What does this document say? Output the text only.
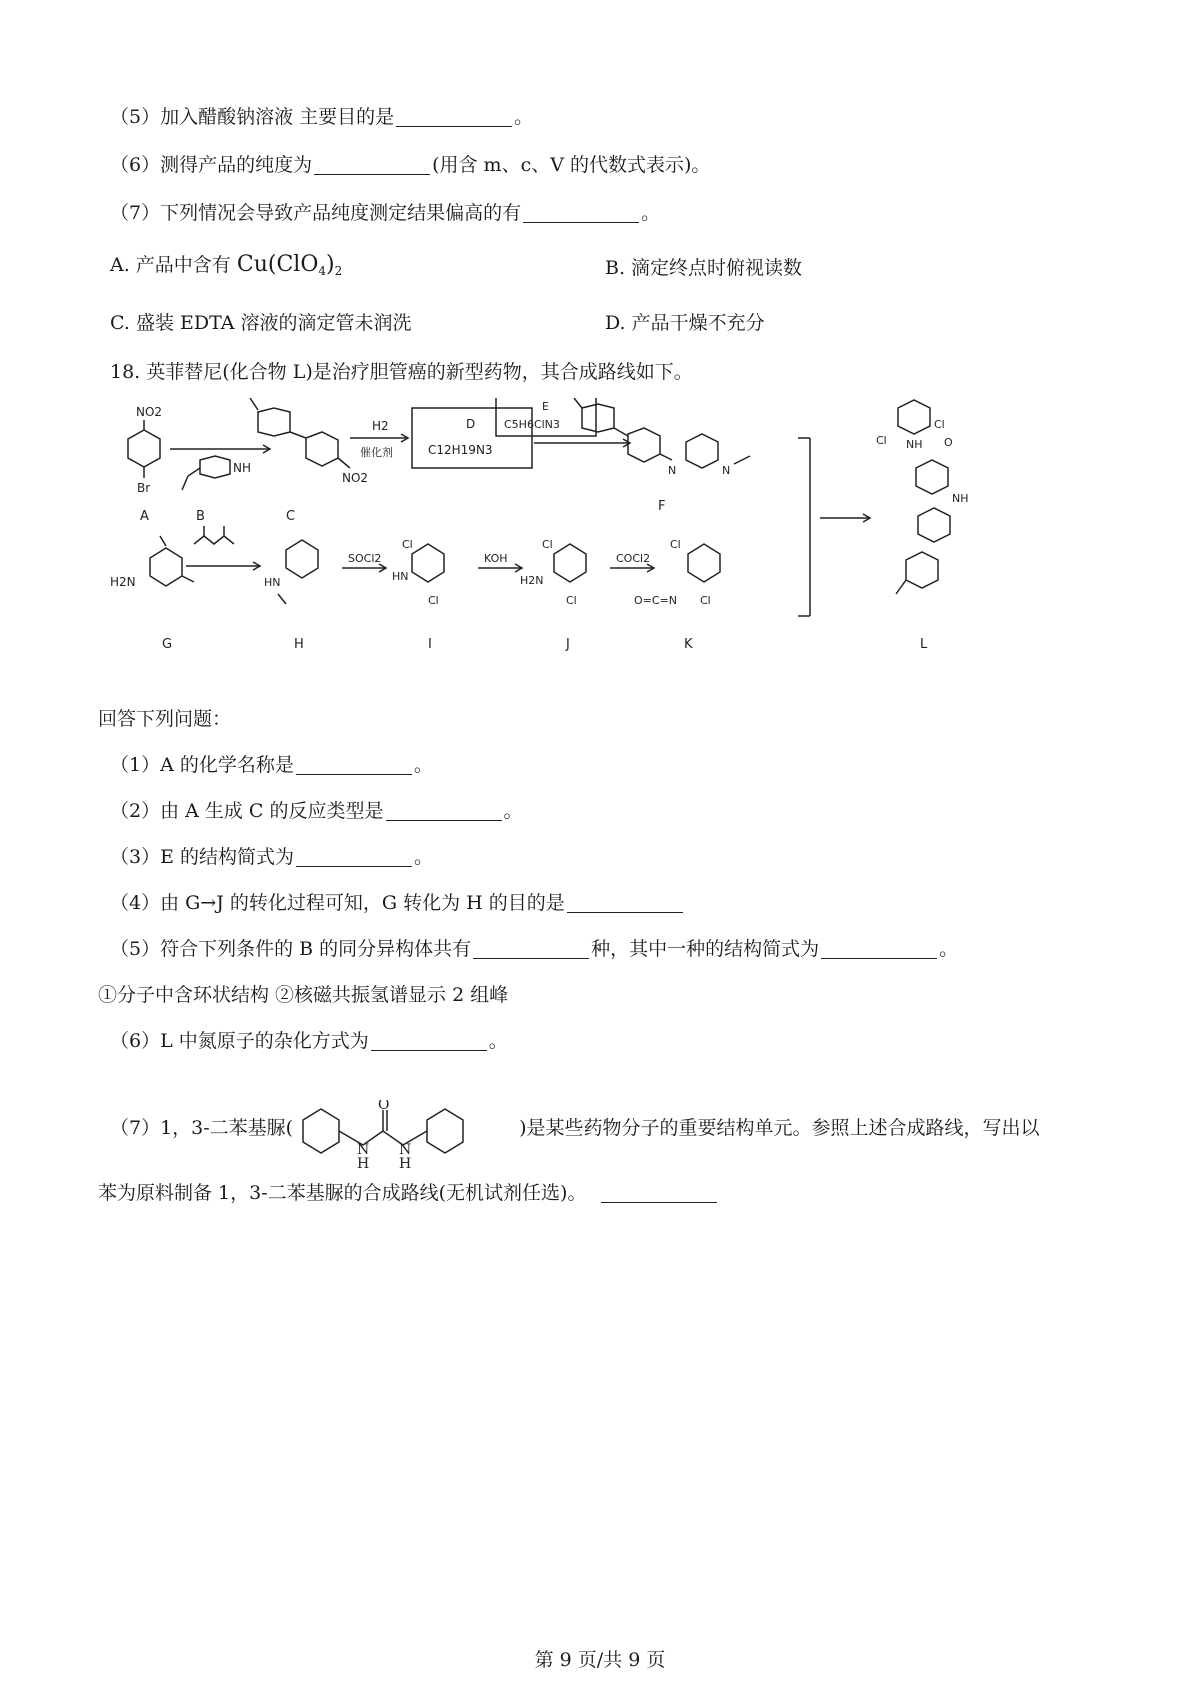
（5）加入醋酸钠溶液 主要目的是	。
（6）测得产品的纯度为	(用含 m、c、V 的代数式表示)。
（7）下列情况会导致产品纯度测定结果偏高的有	。
A. 产品中含有 $Cu(ClO_4)_2$	B. 滴定终点时俯视读数
C. 盛装 EDTA 溶液的滴定管未润洗	D. 产品干燥不充分
18. 英菲替尼(化合物 L)是治疗胆管癌的新型药物，其合成路线如下。
NO2
Br
A
NH
B
NO2
C
H2
催化剂
D
C12H19N3
E
C5H6ClN3
N	N
F
Cl
Cl NH O
NH
L
H2N
G
HN
H
SOCl2
Cl
HN
Cl
I
KOH
Cl
H2N
Cl
J
COCl2
Cl
O=C=N Cl
K
回答下列问题：
（1）A 的化学名称是	。
（2）由 A 生成 C 的反应类型是	。
（3）E 的结构简式为	。
（4）由 G→J 的转化过程可知，G 转化为 H 的目的是
（5）符合下列条件的 B 的同分异构体共有	种，其中一种的结构简式为	。
①分子中含环状结构 ②核磁共振氢谱显示 2 组峰
（6）L 中氮原子的杂化方式为	。
（7）1，3-二苯基脲(
O
N
H
N
H
)是某些药物分子的重要结构单元。参照上述合成路线，写出以
苯为原料制备 1，3-二苯基脲的合成路线(无机试剂任选)。
第 9 页/共 9 页
